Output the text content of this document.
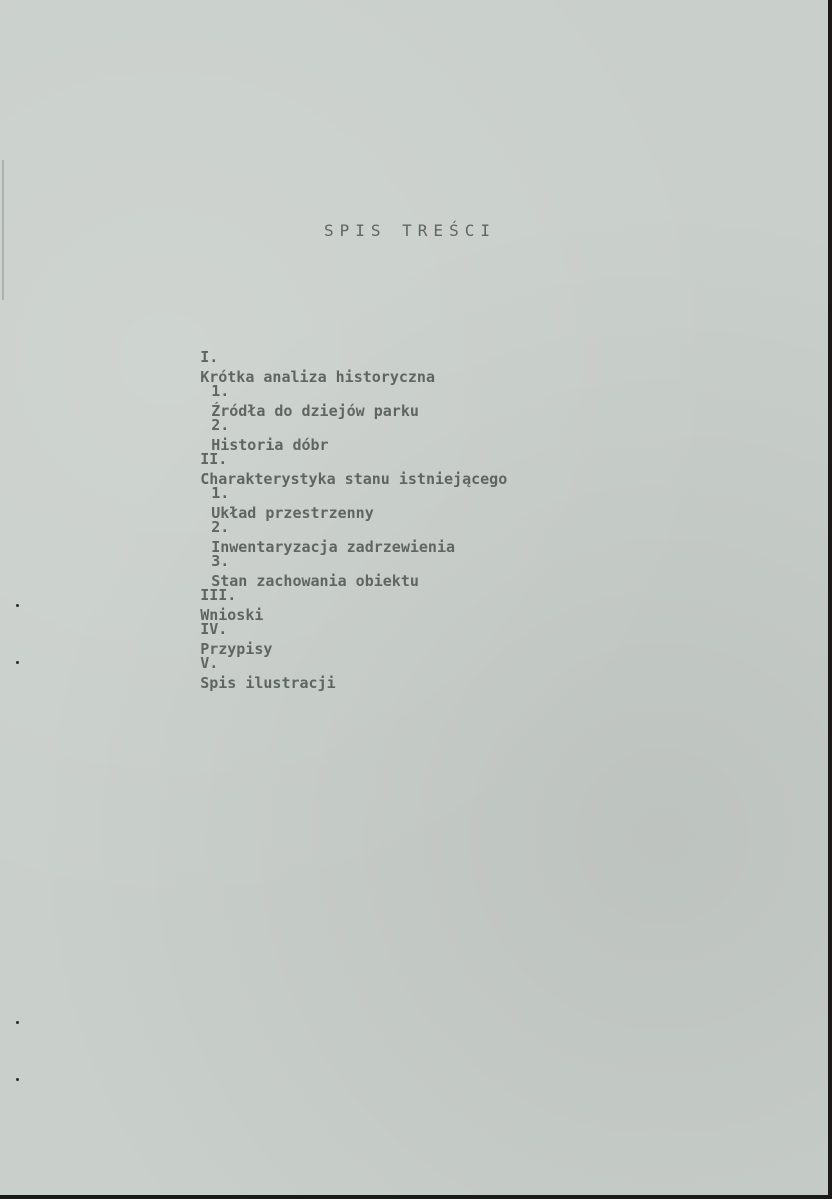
SPIS TREŚCI

I.
Krótka analiza historyczna

1.
Źródła do dziejów parku

2.
Historia dóbr

II.
Charakterystyka stanu istniejącego

1.
Układ przestrzenny

2.
Inwentaryzacja zadrzewienia

3.
Stan zachowania obiektu

III.
Wnioski

IV.
Przypisy

V.
Spis ilustracji
